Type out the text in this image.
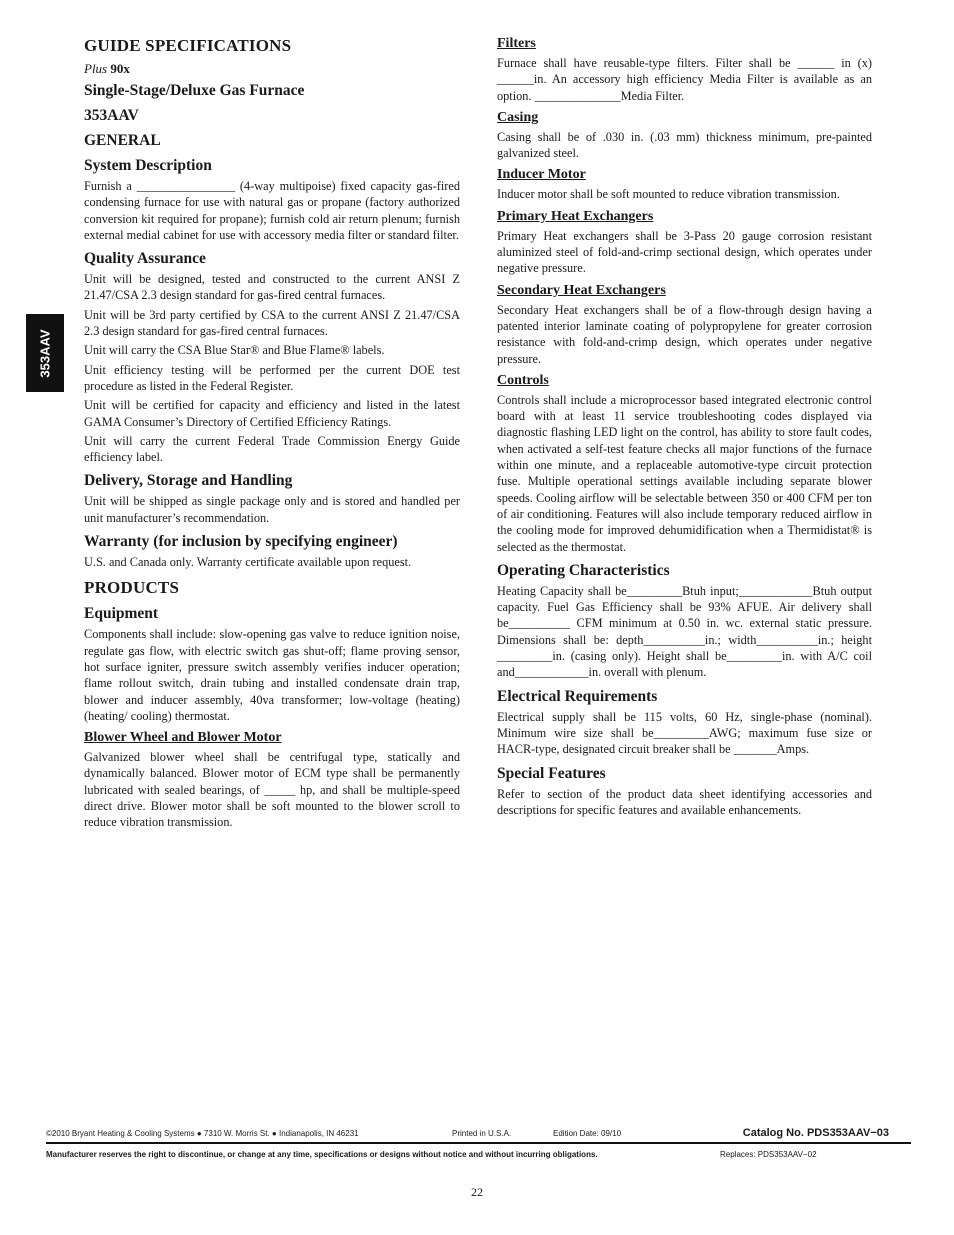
353AAV
GUIDE SPECIFICATIONS
Plus 90x
Single-Stage/Deluxe Gas Furnace
353AAV
GENERAL
System Description

Furnish a ________________ (4-way multipoise) fixed capacity gas-fired condensing furnace for use with natural gas or propane (factory authorized conversion kit required for propane); furnish cold air return plenum; furnish external medial cabinet for use with accessory media filter or standard filter.

Quality Assurance

Unit will be designed, tested and constructed to the current ANSI Z 21.47/CSA 2.3 design standard for gas-fired central furnaces.

Unit will be 3rd party certified by CSA to the current ANSI Z 21.47/CSA 2.3 design standard for gas-fired central furnaces.

Unit will carry the CSA Blue Star® and Blue Flame® labels.

Unit efficiency testing will be performed per the current DOE test procedure as listed in the Federal Register.

Unit will be certified for capacity and efficiency and listed in the latest GAMA Consumer’s Directory of Certified Efficiency Ratings.

Unit will carry the current Federal Trade Commission Energy Guide efficiency label.

Delivery, Storage and Handling

Unit will be shipped as single package only and is stored and handled per unit manufacturer’s recommendation.

Warranty (for inclusion by specifying engineer)

U.S. and Canada only. Warranty certificate available upon request.

PRODUCTS
Equipment

Components shall include: slow-opening gas valve to reduce ignition noise, regulate gas flow, with electric switch gas shut-off; flame proving sensor, hot surface igniter, pressure switch assembly verifies inducer operation; flame rollout switch, drain tubing and installed condensate drain trap, blower and inducer assembly, 40va transformer; low-voltage (heating) (heating/ cooling) thermostat.

Blower Wheel and Blower Motor

Galvanized blower wheel shall be centrifugal type, statically and dynamically balanced. Blower motor of ECM type shall be permanently lubricated with sealed bearings, of _____ hp, and shall be multiple-speed direct drive. Blower motor shall be soft mounted to the blower scroll to reduce vibration transmission.

Filters

Furnace shall have reusable-type filters. Filter shall be ______ in (x) ______in. An accessory high efficiency Media Filter is available as an option. ______________Media Filter.

Casing

Casing shall be of .030 in. (.03 mm) thickness minimum, pre-painted galvanized steel.

Inducer Motor

Inducer motor shall be soft mounted to reduce vibration transmission.

Primary Heat Exchangers

Primary Heat exchangers shall be 3-Pass 20 gauge corrosion resistant aluminized steel of fold-and-crimp sectional design, which operates under negative pressure.

Secondary Heat Exchangers

Secondary Heat exchangers shall be of a flow-through design having a patented interior laminate coating of polypropylene for greater corrosion resistance with fold-and-crimp design, which operates under negative pressure.

Controls

Controls shall include a microprocessor based integrated electronic control board with at least 11 service troubleshooting codes displayed via diagnostic flashing LED light on the control, has ability to store fault codes, when activated a self-test feature checks all major functions of the furnace within one minute, and a replaceable automotive-type circuit protection fuse. Multiple operational settings available including separate blower speeds. Cooling airflow will be selectable between 350 or 400 CFM per ton of air conditioning. Features will also include temporary reduced airflow in the cooling mode for improved dehumidification when a Thermidistat® is selected as the thermostat.

Operating Characteristics

Heating Capacity shall be_________Btuh input;____________Btuh output capacity. Fuel Gas Efficiency shall be 93% AFUE. Air delivery shall be__________ CFM minimum at 0.50 in. wc. external static pressure. Dimensions shall be: depth__________in.; width__________in.; height _________in. (casing only). Height shall be_________in. with A/C coil and____________in. overall with plenum.

Electrical Requirements

Electrical supply shall be 115 volts, 60 Hz, single-phase (nominal). Minimum wire size shall be_________AWG; maximum fuse size or HACR-type, designated circuit breaker shall be _______Amps.

Special Features

Refer to section of the product data sheet identifying accessories and descriptions for specific features and available enhancements.

©2010 Bryant Heating & Cooling Systems ● 7310 W. Morris St. ● Indianapolis, IN 46231	Printed in U.S.A.	Edition Date: 09/10	Catalog No. PDS353AAV−03
Manufacturer reserves the right to discontinue, or change at any time, specifications or designs without notice and without incurring obligations.	Replaces: PDS353AAV−02
22
